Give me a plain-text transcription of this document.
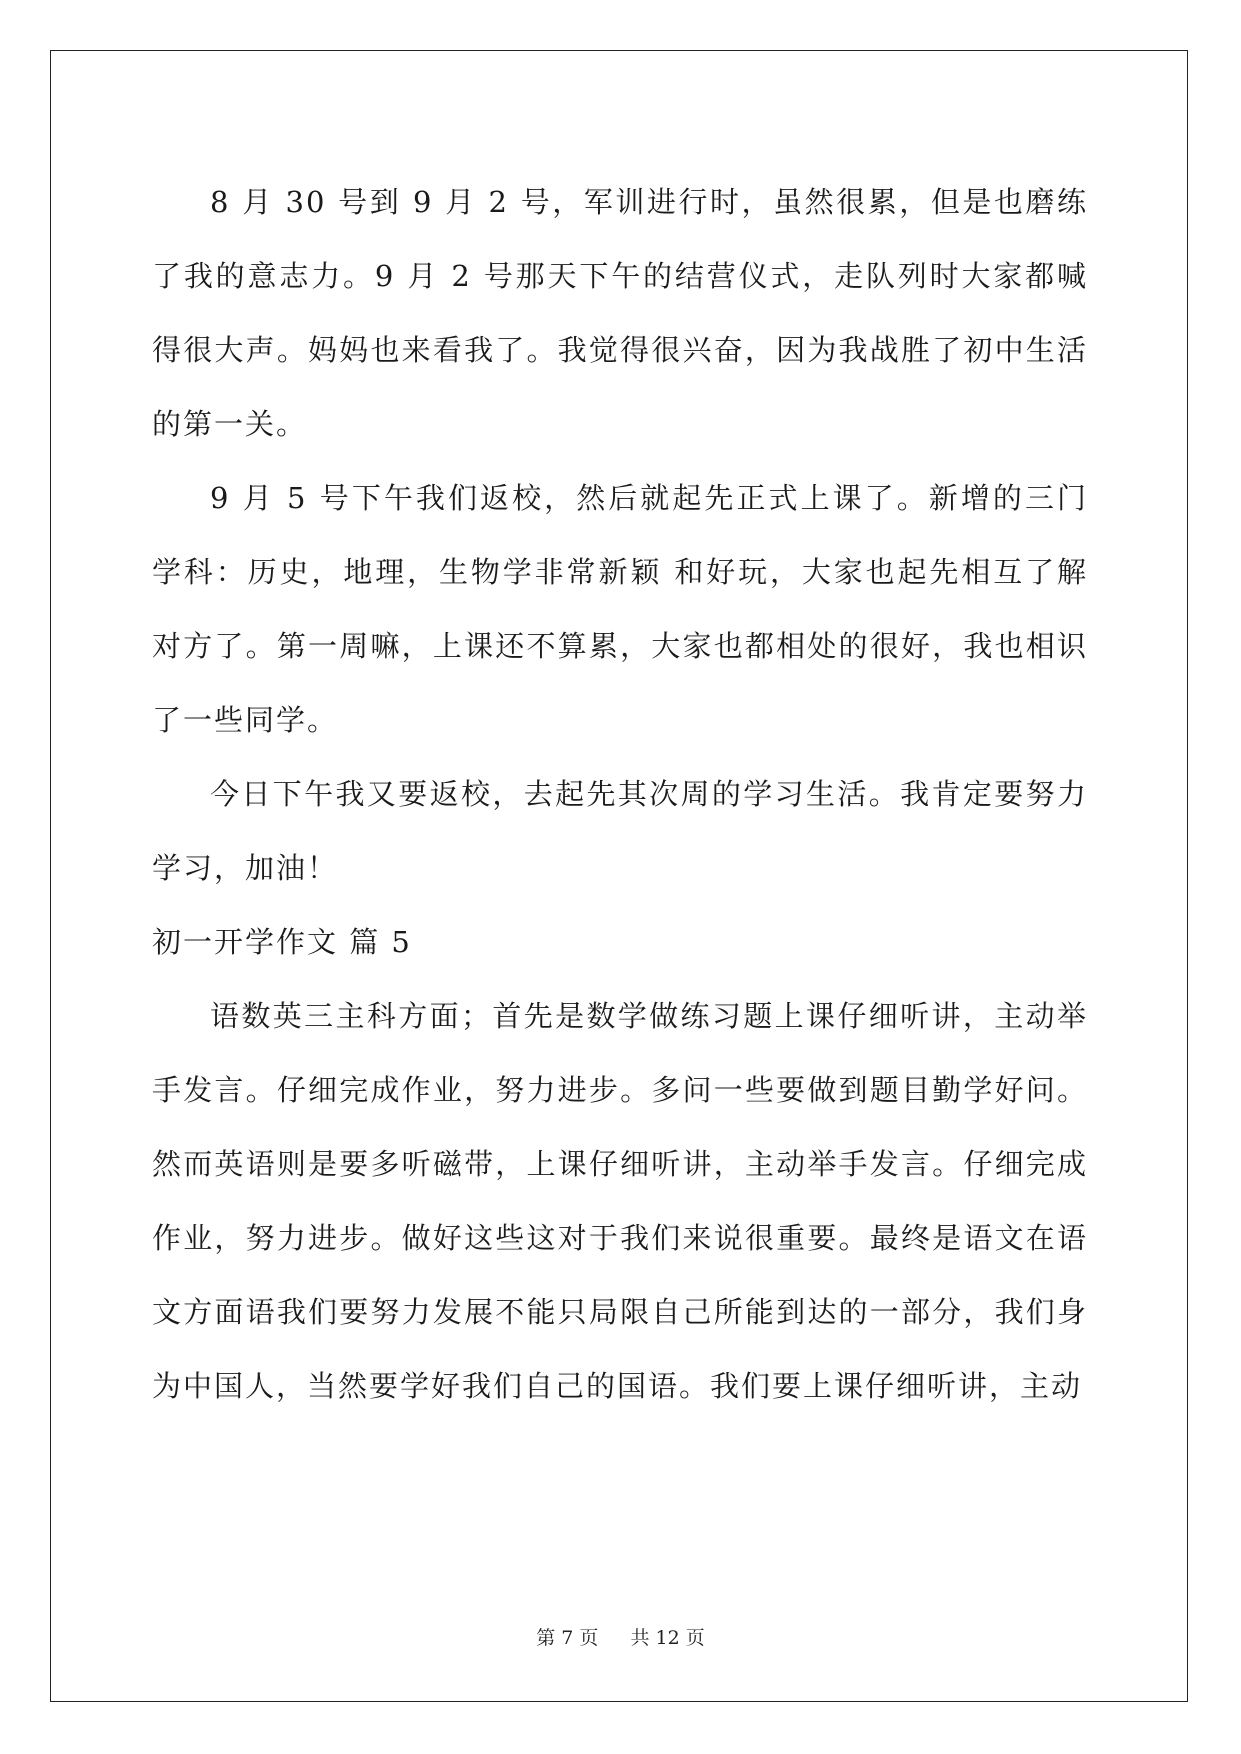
8 月 30 号到 9 月 2 号，军训进行时，虽然很累，但是也磨练了我的意志力。9 月 2 号那天下午的结营仪式，走队列时大家都喊得很大声。妈妈也来看我了。我觉得很兴奋，因为我战胜了初中生活的第一关。

9 月 5 号下午我们返校，然后就起先正式上课了。新增的三门学科：历史，地理，生物学非常新颖 和好玩，大家也起先相互了解对方了。第一周嘛，上课还不算累，大家也都相处的很好，我也相识了一些同学。

今日下午我又要返校，去起先其次周的学习生活。我肯定要努力学习，加油！

初一开学作文 篇 5

语数英三主科方面；首先是数学做练习题上课仔细听讲，主动举手发言。仔细完成作业，努力进步。多问一些要做到题目勤学好问。然而英语则是要多听磁带，上课仔细听讲，主动举手发言。仔细完成作业，努力进步。做好这些这对于我们来说很重要。最终是语文在语文方面语我们要努力发展不能只局限自己所能到达的一部分，我们身为中国人，当然要学好我们自己的国语。我们要上课仔细听讲，主动

第 7 页 共 12 页
